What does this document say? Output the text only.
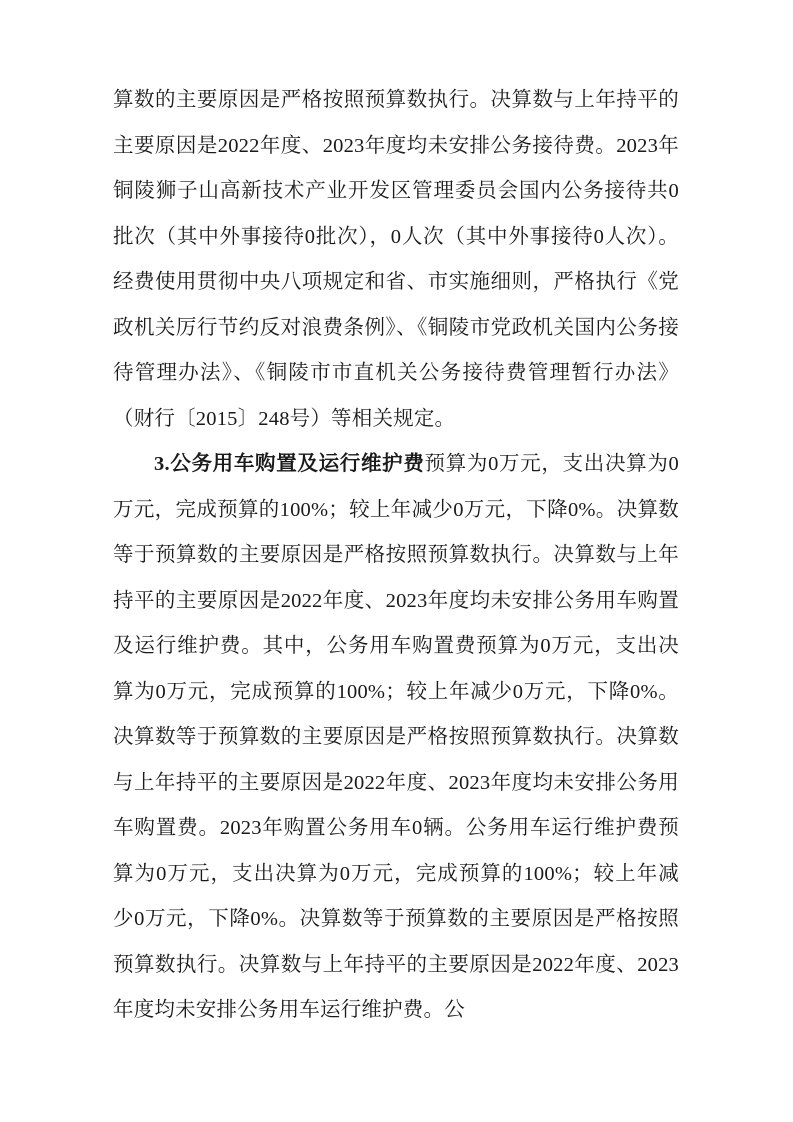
算数的主要原因是严格按照预算数执行。决算数与上年持平的主要原因是2022年度、2023年度均未安排公务接待费。2023年铜陵狮子山高新技术产业开发区管理委员会国内公务接待共0批次（其中外事接待0批次），0人次（其中外事接待0人次）。经费使用贯彻中央八项规定和省、市实施细则，严格执行《党政机关厉行节约反对浪费条例》、《铜陵市党政机关国内公务接待管理办法》、《铜陵市市直机关公务接待费管理暂行办法》（财行〔2015〕248号）等相关规定。

3.公务用车购置及运行维护费预算为0万元，支出决算为0万元，完成预算的100%；较上年减少0万元，下降0%。决算数等于预算数的主要原因是严格按照预算数执行。决算数与上年持平的主要原因是2022年度、2023年度均未安排公务用车购置及运行维护费。其中，公务用车购置费预算为0万元，支出决算为0万元，完成预算的100%；较上年减少0万元，下降0%。决算数等于预算数的主要原因是严格按照预算数执行。决算数与上年持平的主要原因是2022年度、2023年度均未安排公务用车购置费。2023年购置公务用车0辆。公务用车运行维护费预算为0万元，支出决算为0万元，完成预算的100%；较上年减少0万元，下降0%。决算数等于预算数的主要原因是严格按照预算数执行。决算数与上年持平的主要原因是2022年度、2023年度均未安排公务用车运行维护费。公
